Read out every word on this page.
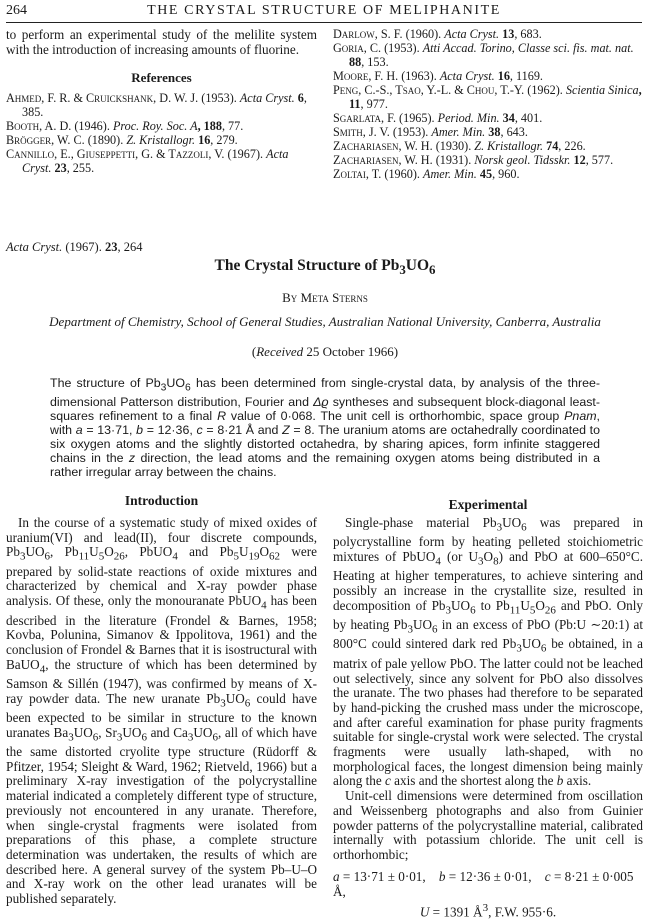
264	THE CRYSTAL STRUCTURE OF MELIPHANITE

to perform an experimental study of the melilite system with the introduction of increasing amounts of fluorine.

References
Ahmed, F. R. & Cruickshank, D. W. J. (1953). Acta Cryst. 6, 385.
Booth, A. D. (1946). Proc. Roy. Soc. A, 188, 77.
Brögger, W. C. (1890). Z. Kristallogr. 16, 279.
Cannillo, E., Giuseppetti, G. & Tazzoli, V. (1967). Acta Cryst. 23, 255.
Darlow, S. F. (1960). Acta Cryst. 13, 683.
Goria, C. (1953). Atti Accad. Torino, Classe sci. fis. mat. nat. 88, 153.
Moore, F. H. (1963). Acta Cryst. 16, 1169.
Peng, C.-S., Tsao, Y.-L. & Chou, T.-Y. (1962). Scientia Sinica, 11, 977.
Sgarlata, F. (1965). Period. Min. 34, 401.
Smith, J. V. (1953). Amer. Min. 38, 643.
Zachariasen, W. H. (1930). Z. Kristallogr. 74, 226.
Zachariasen, W. H. (1931). Norsk geol. Tidsskr. 12, 577.
Zoltai, T. (1960). Amer. Min. 45, 960.
Acta Cryst. (1967). 23, 264
The Crystal Structure of $Pb_3UO_6$
By Meta Sterns
Department of Chemistry, School of General Studies, Australian National University, Canberra, Australia
(Received 25 October 1966)

The structure of $Pb_3UO_6$ has been determined from single-crystal data, by analysis of the three-dimensional Patterson distribution, Fourier and Δϱ syntheses and subsequent block-diagonal least-squares refinement to a final R value of 0·068. The unit cell is orthorhombic, space group Pnam, with a = 13·71, b = 12·36, c = 8·21 Å and Z = 8. The uranium atoms are octahedrally coordinated to six oxygen atoms and the slightly distorted octahedra, by sharing apices, form infinite staggered chains in the z direction, the lead atoms and the remaining oxygen atoms being distributed in a rather irregular array between the chains.

Introduction

In the course of a systematic study of mixed oxides of uranium(VI) and lead(II), four discrete compounds, $Pb_3UO_6$, $Pb_{11}U_5O_{26}$, PbUO$_4$ and $Pb_5U_{19}O_{62}$ were prepared by solid-state reactions of oxide mixtures and characterized by chemical and X-ray powder phase analysis. Of these, only the monouranate PbUO$_4$ has been described in the literature (Frondel & Barnes, 1958; Kovba, Polunina, Simanov & Ippolitova, 1961) and the conclusion of Frondel & Barnes that it is isostructural with BaUO$_4$, the structure of which has been determined by Samson & Sillén (1947), was confirmed by means of X-ray powder data. The new uranate $Pb_3UO_6$ could have been expected to be similar in structure to the known uranates $Ba_3UO_6$, $Sr_3UO_6$ and $Ca_3UO_6$, all of which have the same distorted cryolite type structure (Rüdorff & Pfitzer, 1954; Sleight & Ward, 1962; Rietveld, 1966) but a preliminary X-ray investigation of the polycrystalline material indicated a completely different type of structure, previously not encountered in any uranate. Therefore, when single-crystal fragments were isolated from preparations of this phase, a complete structure determination was undertaken, the results of which are described here. A general survey of the system Pb–U–O and X-ray work on the other lead uranates will be published separately.

Experimental

Single-phase material $Pb_3UO_6$ was prepared in polycrystalline form by heating pelleted stoichiometric mixtures of PbUO$_4$ (or $U_3O_8$) and PbO at 600–650°C. Heating at higher temperatures, to achieve sintering and possibly an increase in the crystallite size, resulted in decomposition of $Pb_3UO_6$ to $Pb_{11}U_5O_{26}$ and PbO. Only by heating $Pb_3UO_6$ in an excess of PbO (Pb:U ∼20:1) at 800°C could sintered dark red $Pb_3UO_6$ be obtained, in a matrix of pale yellow PbO. The latter could not be leached out selectively, since any solvent for PbO also dissolves the uranate. The two phases had therefore to be separated by hand-picking the crushed mass under the microscope, and after careful examination for phase purity fragments suitable for single-crystal work were selected. The crystal fragments were usually lath-shaped, with no morphological faces, the longest dimension being mainly along the c axis and the shortest along the b axis.

Unit-cell dimensions were determined from oscillation and Weissenberg photographs and also from Guinier powder patterns of the polycrystalline material, calibrated internally with potassium chloride. The unit cell is orthorhombic;

a = 13·71 ± 0·01,    b = 12·36 ± 0·01,    c = 8·21 ± 0·005 Å,

U = 1391 $Å^3$, F.W. 955·6.
